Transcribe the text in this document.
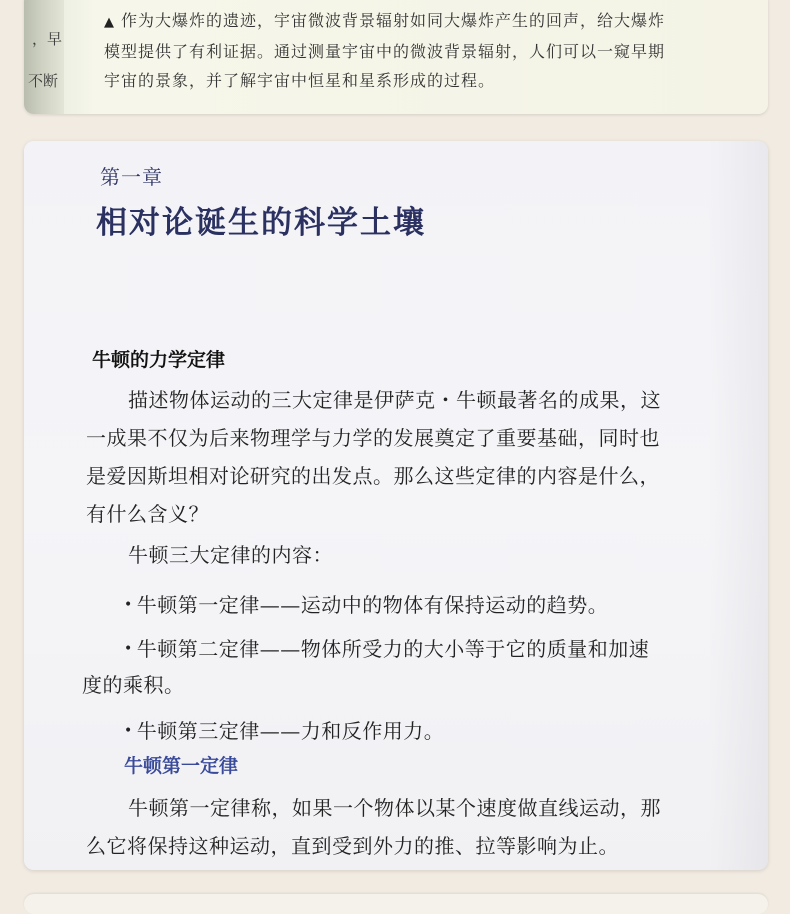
，早
不断
▲ 作为大爆炸的遗迹，宇宙微波背景辐射如同大爆炸产生的回声，给大爆炸
模型提供了有利证据。通过测量宇宙中的微波背景辐射，人们可以一窥早期
宇宙的景象，并了解宇宙中恒星和星系形成的过程。
第一章
相对论诞生的科学土壤
牛顿的力学定律
描述物体运动的三大定律是伊萨克・牛顿最著名的成果，这
一成果不仅为后来物理学与力学的发展奠定了重要基础，同时也
是爱因斯坦相对论研究的出发点。那么这些定律的内容是什么，
有什么含义？
牛顿三大定律的内容：
• 牛顿第一定律——运动中的物体有保持运动的趋势。
• 牛顿第二定律——物体所受力的大小等于它的质量和加速
度的乘积。
• 牛顿第三定律——力和反作用力。
牛顿第一定律
牛顿第一定律称，如果一个物体以某个速度做直线运动，那
么它将保持这种运动，直到受到外力的推、拉等影响为止。
